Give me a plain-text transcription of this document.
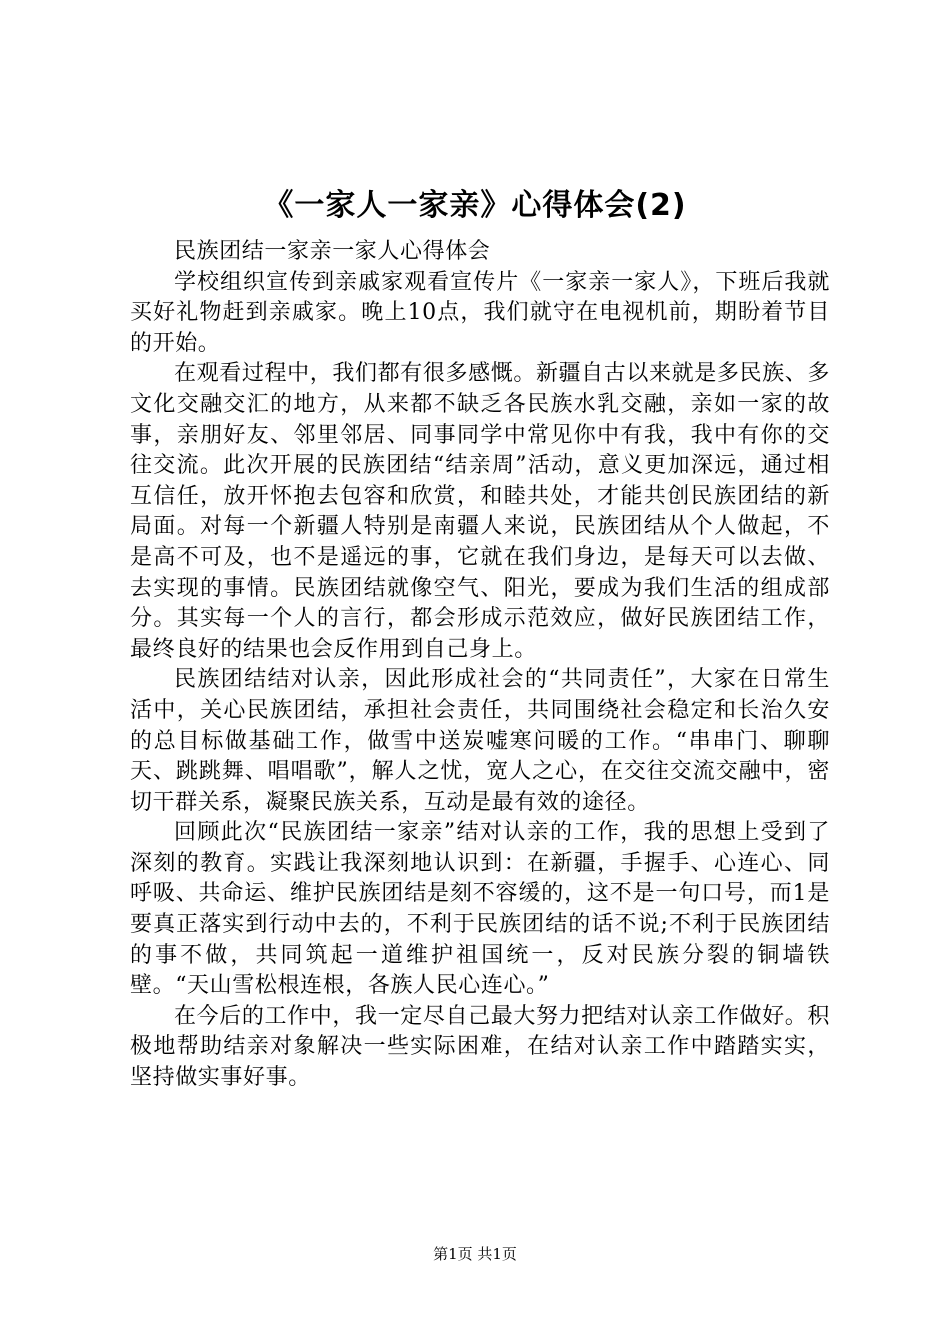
《一家人一家亲》心得体会(2)

民族团结一家亲一家人心得体会

学校组织宣传到亲戚家观看宣传片《一家亲一家人》，下班后我就买好礼物赶到亲戚家。晚上10点，我们就守在电视机前，期盼着节目的开始。

在观看过程中，我们都有很多感慨。新疆自古以来就是多民族、多文化交融交汇的地方，从来都不缺乏各民族水乳交融，亲如一家的故事，亲朋好友、邻里邻居、同事同学中常见你中有我，我中有你的交往交流。此次开展的民族团结“结亲周”活动，意义更加深远，通过相互信任，放开怀抱去包容和欣赏，和睦共处，才能共创民族团结的新局面。对每一个新疆人特别是南疆人来说，民族团结从个人做起，不是高不可及，也不是遥远的事，它就在我们身边，是每天可以去做、去实现的事情。民族团结就像空气、阳光，要成为我们生活的组成部分。其实每一个人的言行，都会形成示范效应，做好民族团结工作，最终良好的结果也会反作用到自己身上。

民族团结结对认亲，因此形成社会的“共同责任”，大家在日常生活中，关心民族团结，承担社会责任，共同围绕社会稳定和长治久安的总目标做基础工作，做雪中送炭嘘寒问暖的工作。“串串门、聊聊天、跳跳舞、唱唱歌”，解人之忧，宽人之心，在交往交流交融中，密切干群关系，凝聚民族关系，互动是最有效的途径。

回顾此次“民族团结一家亲”结对认亲的工作，我的思想上受到了深刻的教育。实践让我深刻地认识到：在新疆，手握手、心连心、同呼吸、共命运、维护民族团结是刻不容缓的，这不是一句口号，而1是要真正落实到行动中去的，不利于民族团结的话不说;不利于民族团结的事不做，共同筑起一道维护祖国统一，反对民族分裂的铜墙铁壁。“天山雪松根连根，各族人民心连心。”

在今后的工作中，我一定尽自己最大努力把结对认亲工作做好。积极地帮助结亲对象解决一些实际困难，在结对认亲工作中踏踏实实，坚持做实事好事。

第1页 共1页
